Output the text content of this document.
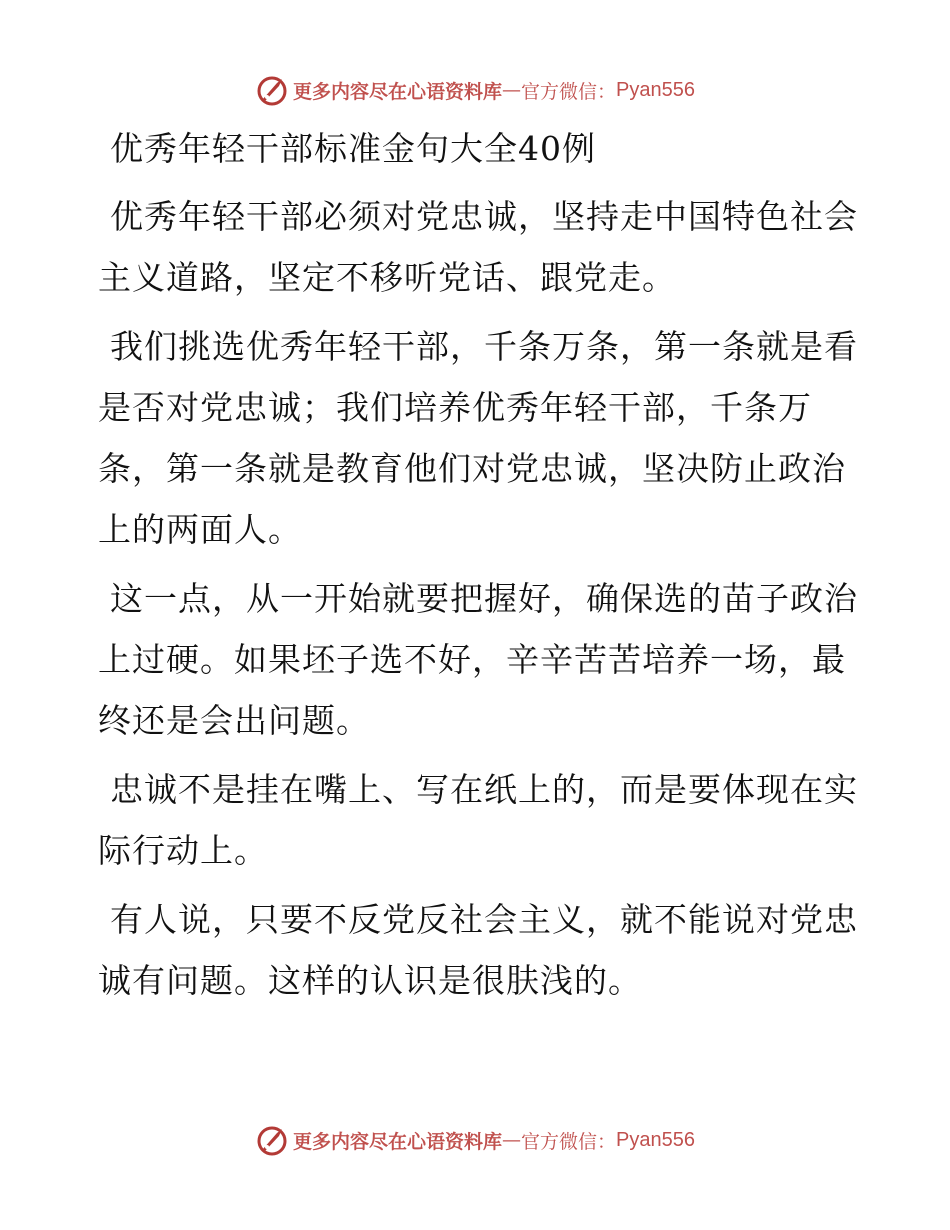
更多内容尽在心语资料库 — 官方微信： Pyan556

优秀年轻干部标准金句大全40例

优秀年轻干部必须对党忠诚，坚持走中国特色社会主义道路，坚定不移听党话、跟党走。

我们挑选优秀年轻干部，千条万条，第一条就是看是否对党忠诚；我们培养优秀年轻干部，千条万条，第一条就是教育他们对党忠诚，坚决防止政治上的两面人。

这一点，从一开始就要把握好，确保选的苗子政治上过硬。如果坯子选不好，辛辛苦苦培养一场，最终还是会出问题。

忠诚不是挂在嘴上、写在纸上的，而是要体现在实际行动上。

有人说，只要不反党反社会主义，就不能说对党忠诚有问题。这样的认识是很肤浅的。

更多内容尽在心语资料库 — 官方微信： Pyan556
